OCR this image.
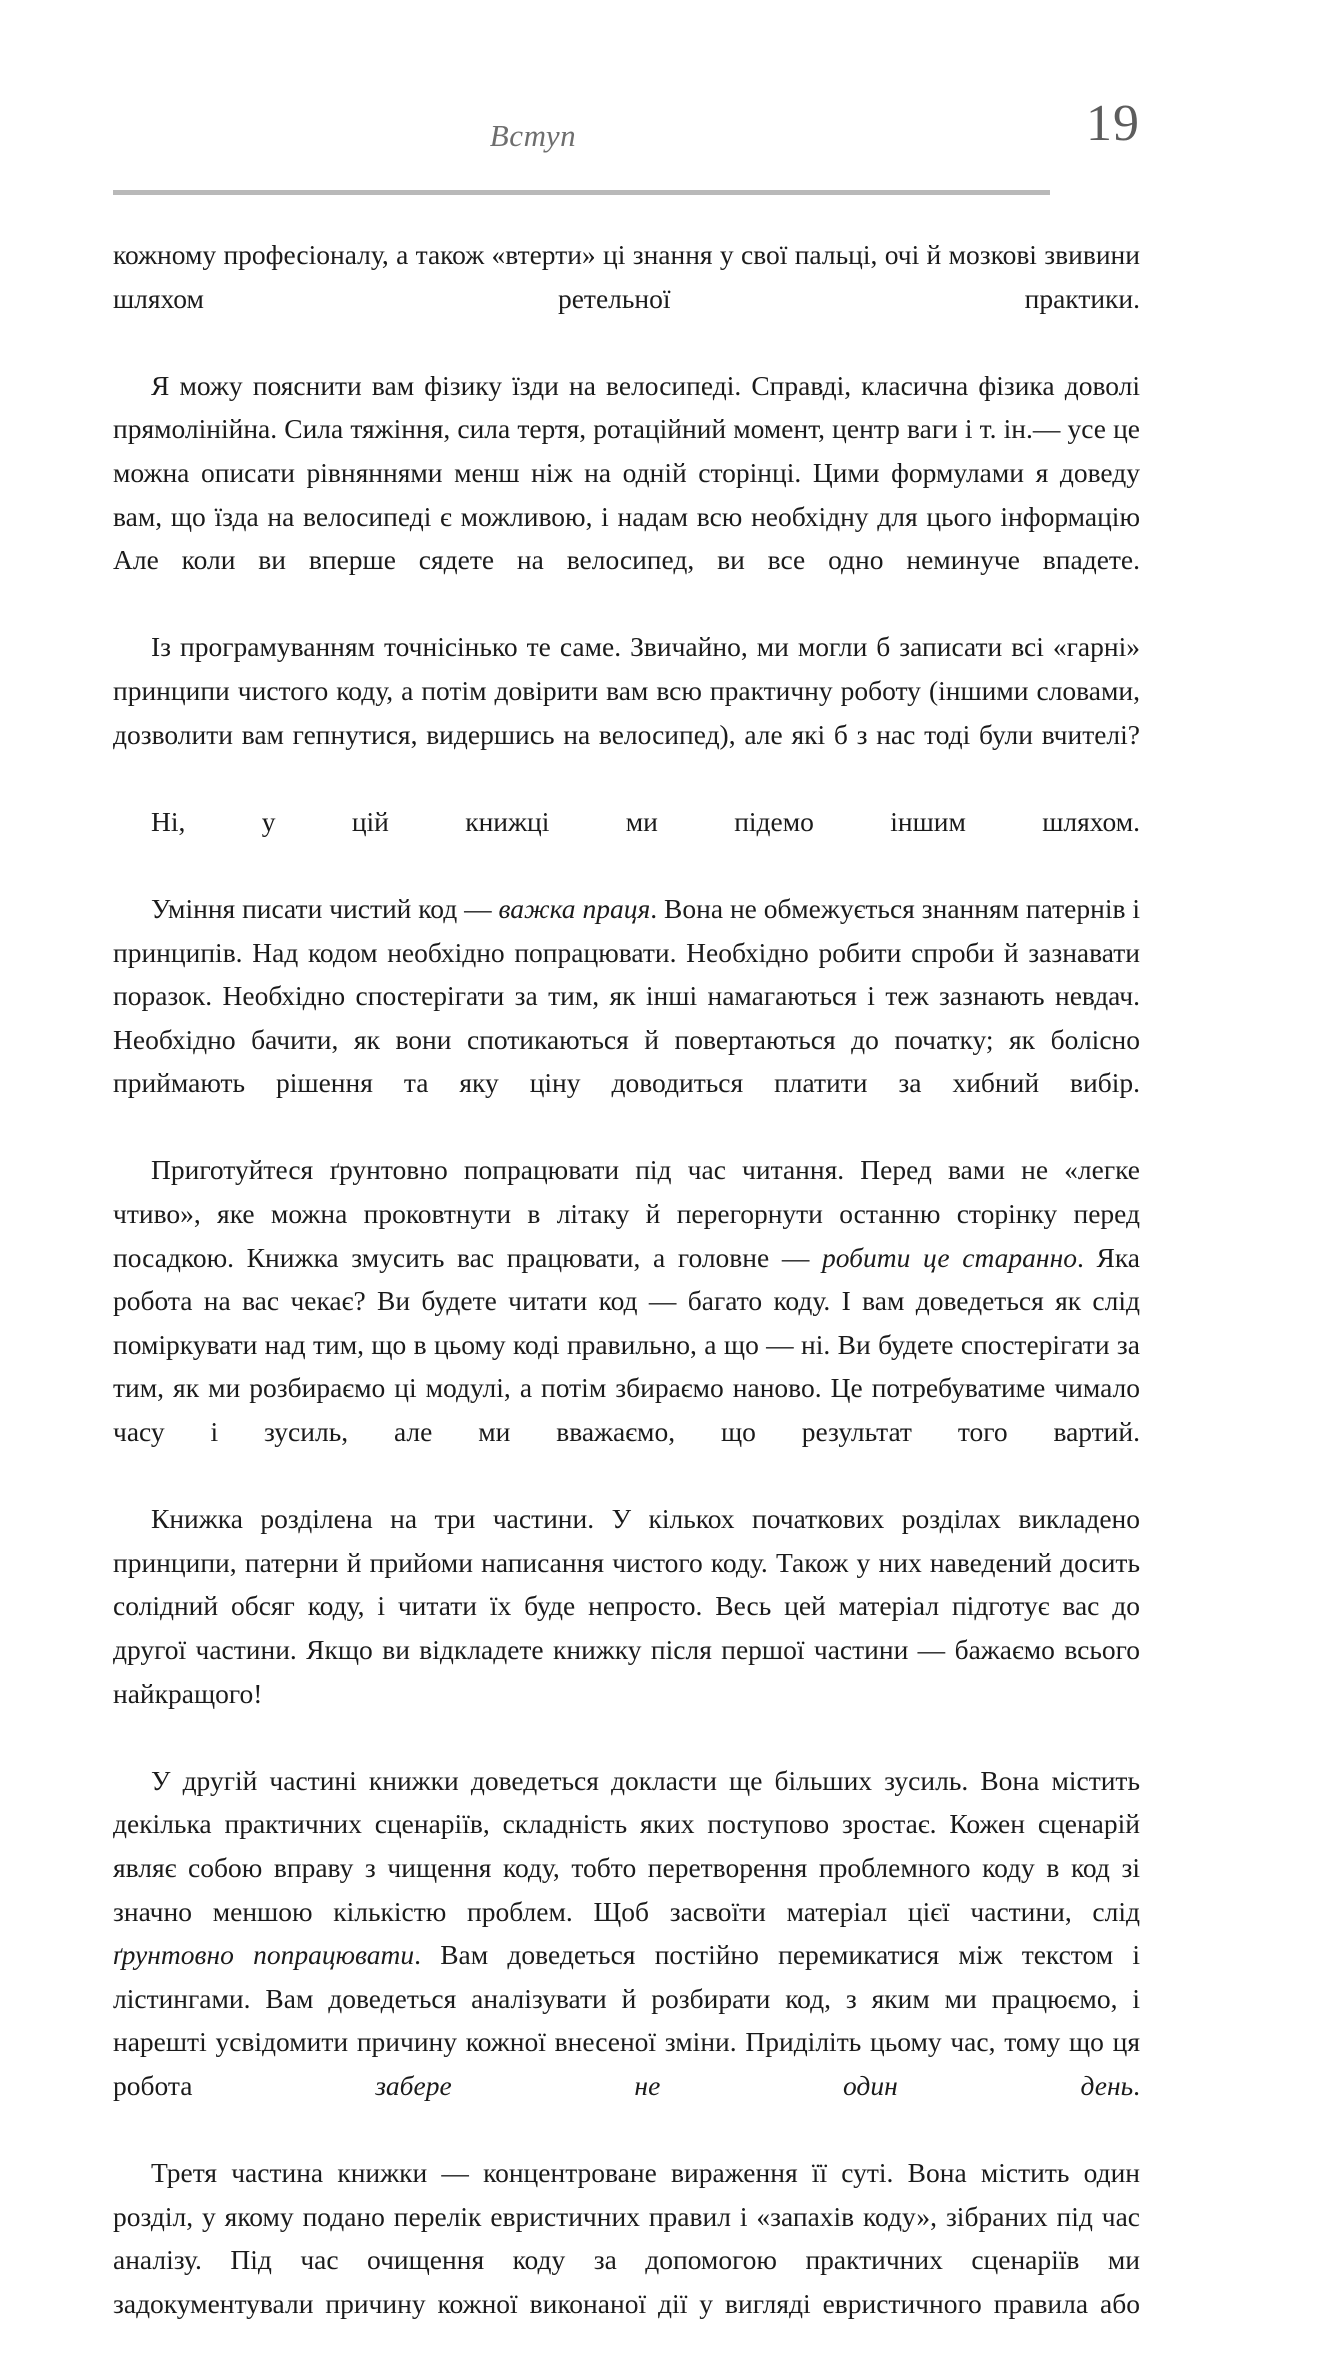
Вступ	19

кожному професіоналу, а також «втерти» ці знання у свої пальці, очі й мозкові звивини шляхом ретельної практики.

Я можу пояснити вам фізику їзди на велосипеді. Справді, класична фізика доволі прямолінійна. Сила тяжіння, сила тертя, ротаційний момент, центр ваги і т. ін.— усе це можна описати рівняннями менш ніж на одній сторінці. Цими формулами я доведу вам, що їзда на велосипеді є можливою, і надам всю необхідну для цього інформацію Але коли ви вперше сядете на велосипед, ви все одно неминуче впадете.

Із програмуванням точнісінько те саме. Звичайно, ми могли б записати всі «гарні» принципи чистого коду, а потім довірити вам всю практичну роботу (іншими словами, дозволити вам гепнутися, видершись на велосипед), але які б з нас тоді були вчителі?

Ні, у цій книжці ми підемо іншим шляхом.

Уміння писати чистий код — важка праця. Вона не обмежується знанням патернів і принципів. Над кодом необхідно попрацювати. Необхідно робити спроби й зазнавати поразок. Необхідно спостерігати за тим, як інші намагаються і теж зазнають невдач. Необхідно бачити, як вони спотикаються й повертаються до початку; як болісно приймають рішення та яку ціну доводиться платити за хибний вибір.

Приготуйтеся ґрунтовно попрацювати під час читання. Перед вами не «легке чтиво», яке можна проковтнути в літаку й перегорнути останню сторінку перед посадкою. Книжка змусить вас працювати, а головне — робити це старанно. Яка робота на вас чекає? Ви будете читати код — багато коду. І вам доведеться як слід поміркувати над тим, що в цьому коді правильно, а що — ні. Ви будете спостерігати за тим, як ми розбираємо ці модулі, а потім збираємо наново. Це потребуватиме чимало часу і зусиль, але ми вважаємо, що результат того вартий.

Книжка розділена на три частини. У кількох початкових розділах викладено принципи, патерни й прийоми написання чистого коду. Також у них наведений досить солідний обсяг коду, і читати їх буде непросто. Весь цей матеріал підготує вас до другої частини. Якщо ви відкладете книжку після першої частини — бажаємо всього найкращого!

У другій частині книжки доведеться докласти ще більших зусиль. Вона містить декілька практичних сценаріїв, складність яких поступово зростає. Кожен сценарій являє собою вправу з чищення коду, тобто перетворення проблемного коду в код зі значно меншою кількістю проблем. Щоб засвоїти матеріал цієї частини, слід ґрунтовно попрацювати. Вам доведеться постійно перемикатися між текстом і лістингами. Вам доведеться аналізувати й розбирати код, з яким ми працюємо, і нарешті усвідомити причину кожної внесеної зміни. Приділіть цьому час, тому що ця робота забере не один день.

Третя частина книжки — концентроване вираження її суті. Вона містить один розділ, у якому подано перелік евристичних правил і «запахів коду», зібраних під час аналізу. Під час очищення коду за допомогою практичних сценаріїв ми задокументували причину кожної виконаної дії у вигляді евристичного правила або
